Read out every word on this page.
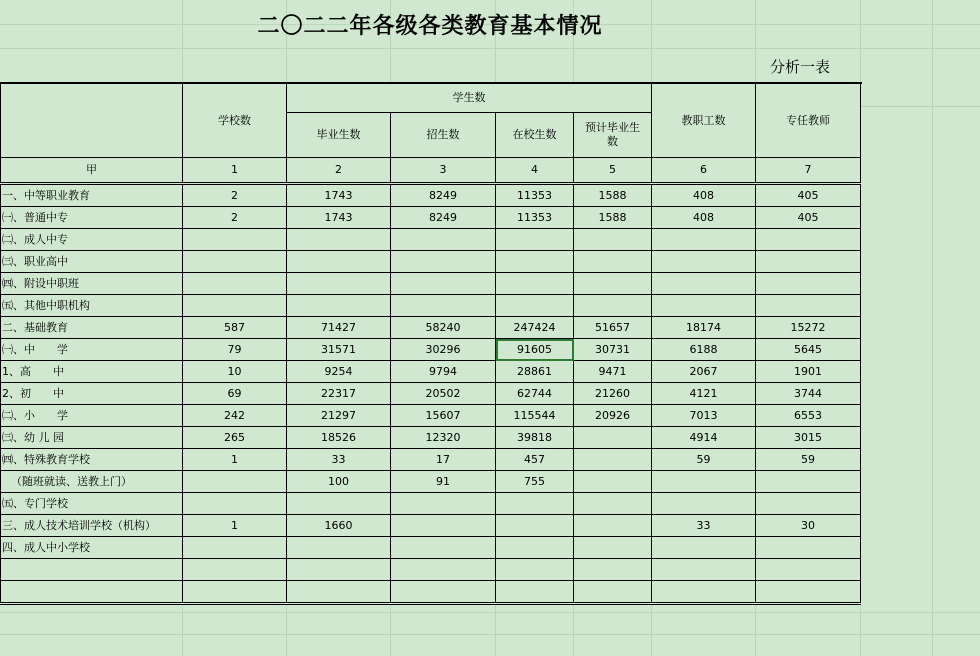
二〇二二年各级各类教育基本情况
分析一表
	学校数	学生数				教职工数	专任教师
		毕业生数	招生数	在校生数	预计毕业生数		
甲	1	2	3	4	5	6	7
一、中等职业教育	2	1743	8249	11353	1588	408	405
㈠、普通中专	2	1743	8249	11353	1588	408	405
㈡、成人中专							
㈢、职业高中							
㈣、附设中职班							
㈤、其他中职机构							
二、基础教育	587	71427	58240	247424	51657	18174	15272
㈠、中　　学	79	31571	30296	91605	30731	6188	5645
1、高　　中	10	9254	9794	28861	9471	2067	1901
2、初　　中	69	22317	20502	62744	21260	4121	3744
㈡、小　　学	242	21297	15607	115544	20926	7013	6553
㈢、幼 儿 园	265	18526	12320	39818		4914	3015
㈣、特殊教育学校	1	33	17	457		59	59
（随班就读、送教上门）		100	91	755			
㈤、专门学校							
三、成人技术培训学校（机构）	1	1660				33	30
四、成人中小学校							
